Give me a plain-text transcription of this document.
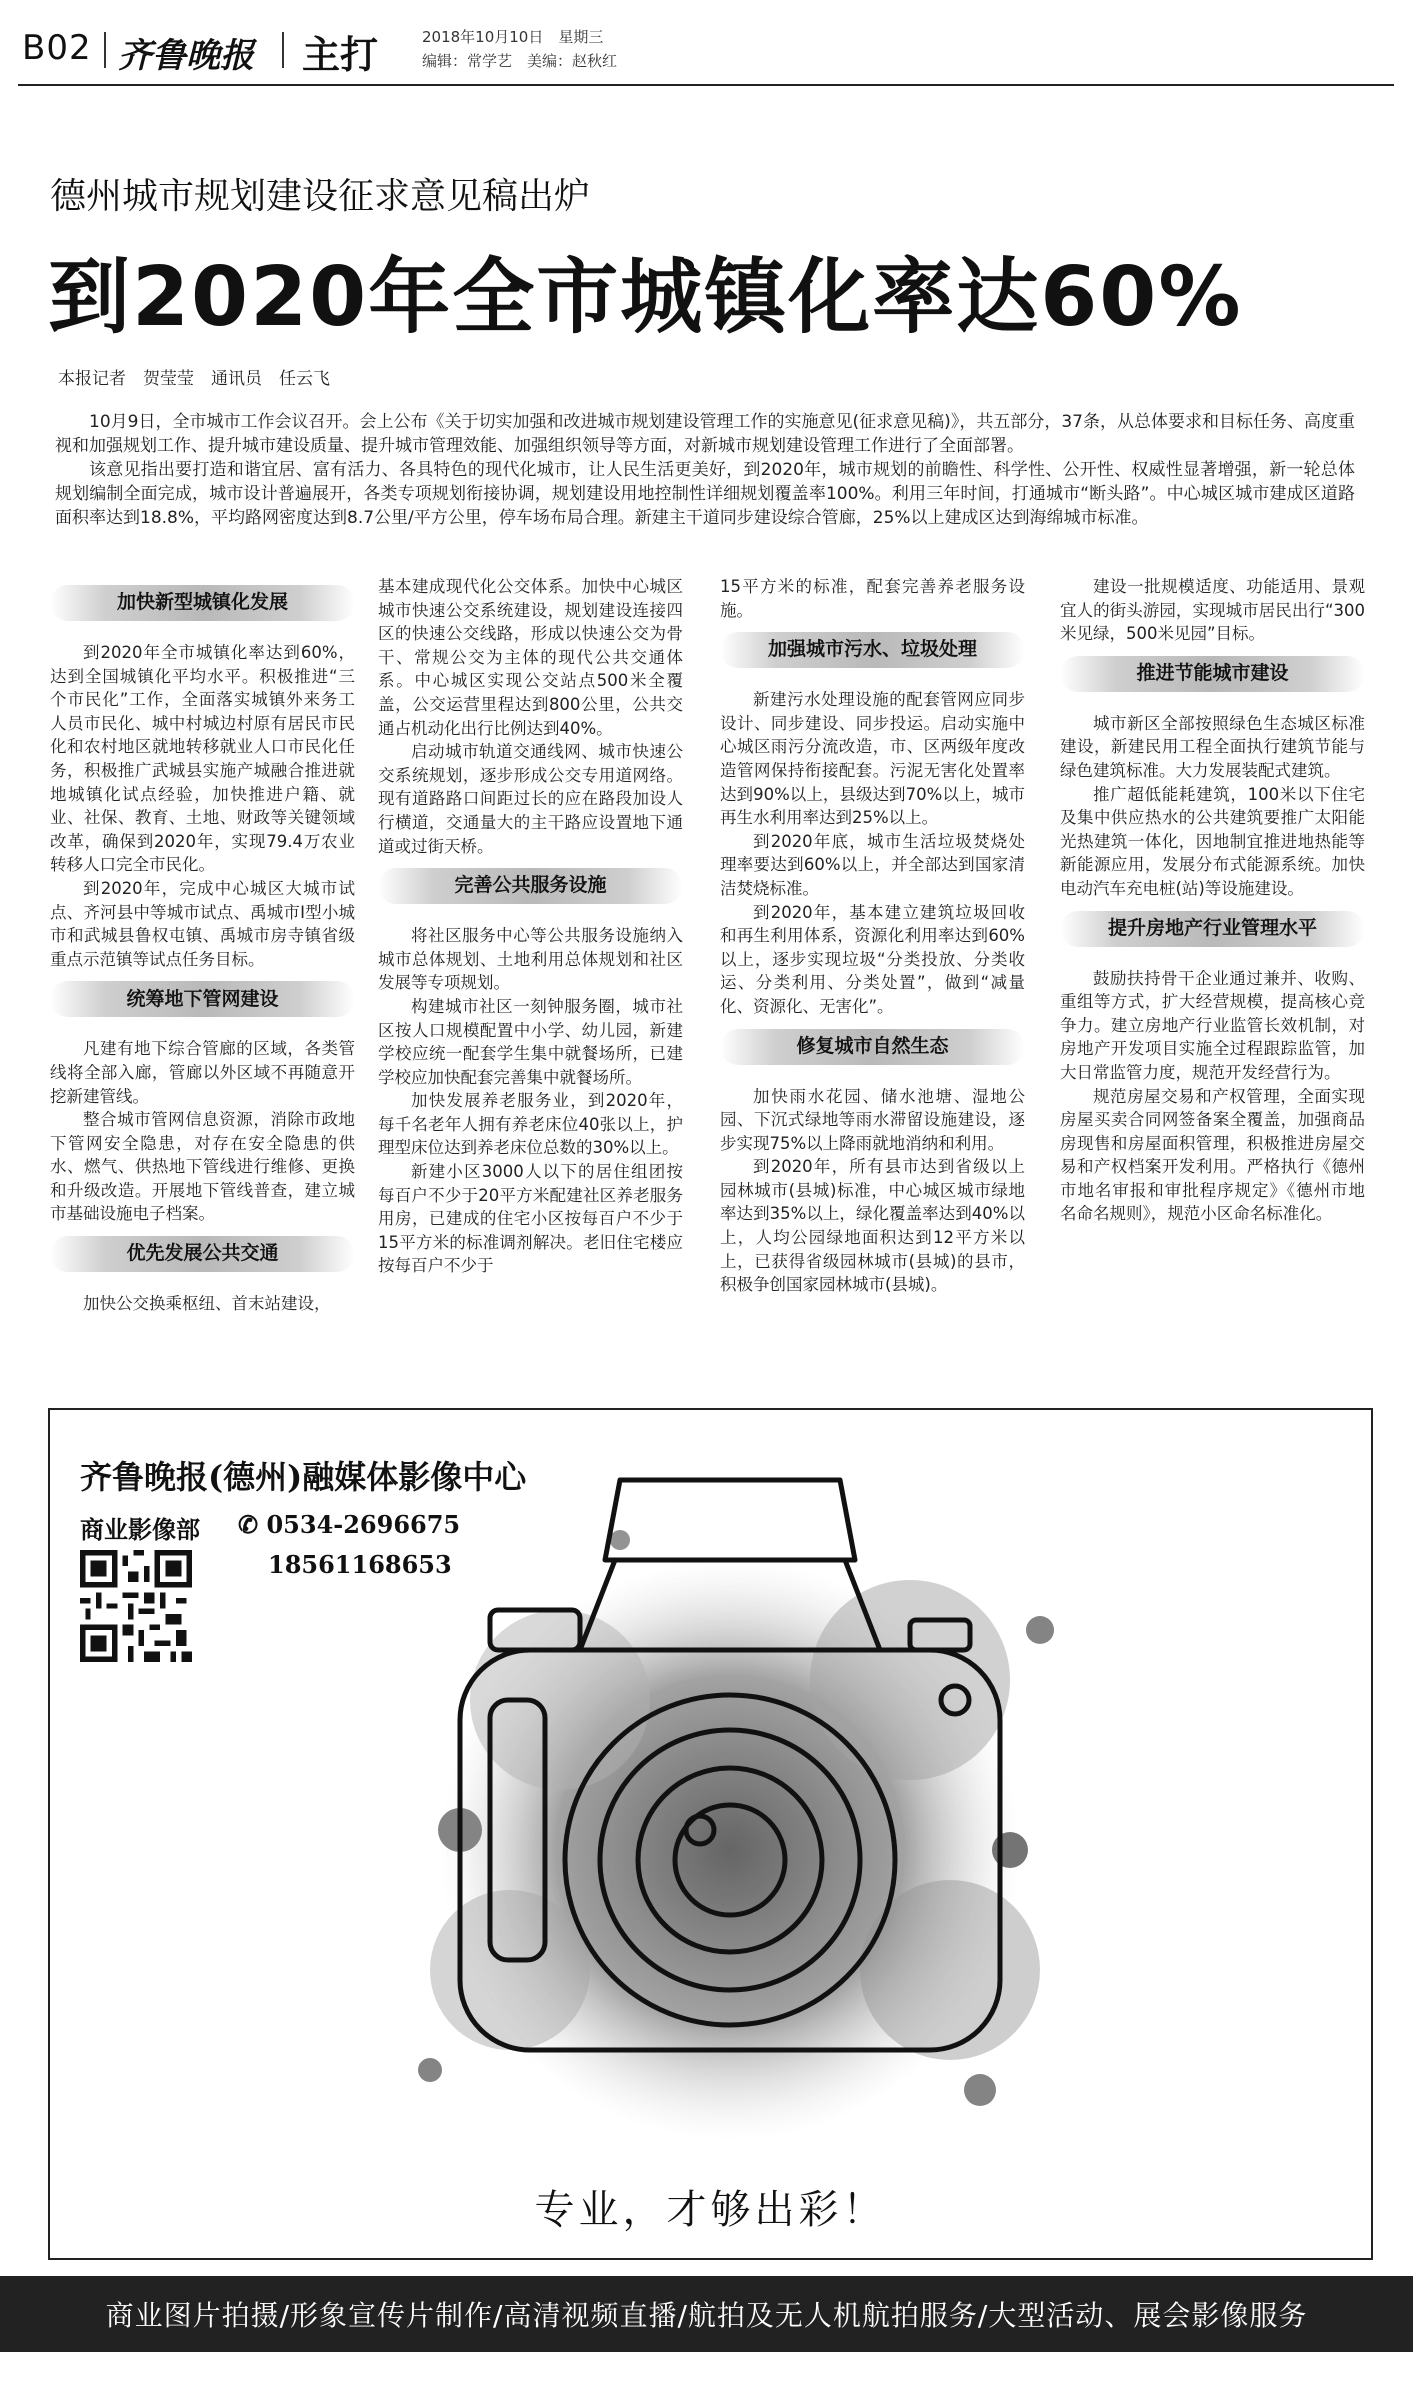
B02 齐鲁晚报 主打	2018年10月10日　星期三
编辑：常学艺　美编：赵秋红
德州城市规划建设征求意见稿出炉
到2020年全市城镇化率达60%
本报记者　贺莹莹　通讯员　任云飞

10月9日，全市城市工作会议召开。会上公布《关于切实加强和改进城市规划建设管理工作的实施意见(征求意见稿)》，共五部分，37条，从总体要求和目标任务、高度重视和加强规划工作、提升城市建设质量、提升城市管理效能、加强组织领导等方面，对新城市规划建设管理工作进行了全面部署。

该意见指出要打造和谐宜居、富有活力、各具特色的现代化城市，让人民生活更美好，到2020年，城市规划的前瞻性、科学性、公开性、权威性显著增强，新一轮总体规划编制全面完成，城市设计普遍展开，各类专项规划衔接协调，规划建设用地控制性详细规划覆盖率100%。利用三年时间，打通城市“断头路”。中心城区城市建成区道路面积率达到18.8%，平均路网密度达到8.7公里/平方公里，停车场布局合理。新建主干道同步建设综合管廊，25%以上建成区达到海绵城市标准。

加快新型城镇化发展

到2020年全市城镇化率达到60%，达到全国城镇化平均水平。积极推进“三个市民化”工作，全面落实城镇外来务工人员市民化、城中村城边村原有居民市民化和农村地区就地转移就业人口市民化任务，积极推广武城县实施产城融合推进就地城镇化试点经验，加快推进户籍、就业、社保、教育、土地、财政等关键领域改革，确保到2020年，实现79.4万农业转移人口完全市民化。

到2020年，完成中心城区大城市试点、齐河县中等城市试点、禹城市Ⅰ型小城市和武城县鲁权屯镇、禹城市房寺镇省级重点示范镇等试点任务目标。

统筹地下管网建设

凡建有地下综合管廊的区域，各类管线将全部入廊，管廊以外区域不再随意开挖新建管线。

整合城市管网信息资源，消除市政地下管网安全隐患，对存在安全隐患的供水、燃气、供热地下管线进行维修、更换和升级改造。开展地下管线普查，建立城市基础设施电子档案。

优先发展公共交通

加快公交换乘枢纽、首末站建设，

基本建成现代化公交体系。加快中心城区城市快速公交系统建设，规划建设连接四区的快速公交线路，形成以快速公交为骨干、常规公交为主体的现代公共交通体系。中心城区实现公交站点500米全覆盖，公交运营里程达到800公里，公共交通占机动化出行比例达到40%。

启动城市轨道交通线网、城市快速公交系统规划，逐步形成公交专用道网络。现有道路路口间距过长的应在路段加设人行横道，交通量大的主干路应设置地下通道或过街天桥。

完善公共服务设施

将社区服务中心等公共服务设施纳入城市总体规划、土地利用总体规划和社区发展等专项规划。

构建城市社区一刻钟服务圈，城市社区按人口规模配置中小学、幼儿园，新建学校应统一配套学生集中就餐场所，已建学校应加快配套完善集中就餐场所。

加快发展养老服务业，到2020年，每千名老年人拥有养老床位40张以上，护理型床位达到养老床位总数的30%以上。

新建小区3000人以下的居住组团按每百户不少于20平方米配建社区养老服务用房，已建成的住宅小区按每百户不少于15平方米的标准调剂解决。老旧住宅楼应按每百户不少于

15平方米的标准，配套完善养老服务设施。

加强城市污水、垃圾处理

新建污水处理设施的配套管网应同步设计、同步建设、同步投运。启动实施中心城区雨污分流改造，市、区两级年度改造管网保持衔接配套。污泥无害化处置率达到90%以上，县级达到70%以上，城市再生水利用率达到25%以上。

到2020年底，城市生活垃圾焚烧处理率要达到60%以上，并全部达到国家清洁焚烧标准。

到2020年，基本建立建筑垃圾回收和再生利用体系，资源化利用率达到60%以上，逐步实现垃圾“分类投放、分类收运、分类利用、分类处置”，做到“减量化、资源化、无害化”。

修复城市自然生态

加快雨水花园、储水池塘、湿地公园、下沉式绿地等雨水滞留设施建设，逐步实现75%以上降雨就地消纳和利用。

到2020年，所有县市达到省级以上园林城市(县城)标准，中心城区城市绿地率达到35%以上，绿化覆盖率达到40%以上，人均公园绿地面积达到12平方米以上，已获得省级园林城市(县城)的县市，积极争创国家园林城市(县城)。

建设一批规模适度、功能适用、景观宜人的街头游园，实现城市居民出行“300米见绿，500米见园”目标。

推进节能城市建设

城市新区全部按照绿色生态城区标准建设，新建民用工程全面执行建筑节能与绿色建筑标准。大力发展装配式建筑。

推广超低能耗建筑，100米以下住宅及集中供应热水的公共建筑要推广太阳能光热建筑一体化，因地制宜推进地热能等新能源应用，发展分布式能源系统。加快电动汽车充电桩(站)等设施建设。

提升房地产行业管理水平

鼓励扶持骨干企业通过兼并、收购、重组等方式，扩大经营规模，提高核心竞争力。建立房地产行业监管长效机制，对房地产开发项目实施全过程跟踪监管，加大日常监管力度，规范开发经营行为。

规范房屋交易和产权管理，全面实现房屋买卖合同网签备案全覆盖，加强商品房现售和房屋面积管理，积极推进房屋交易和产权档案开发利用。严格执行《德州市地名审报和审批程序规定》《德州市地名命名规则》，规范小区命名标准化。

齐鲁晚报(德州)融媒体影像中心
商业影像部 ✆ 0534-2696675
18561168653
专业，才够出彩！
商业图片拍摄/形象宣传片制作/高清视频直播/航拍及无人机航拍服务/大型活动、展会影像服务
